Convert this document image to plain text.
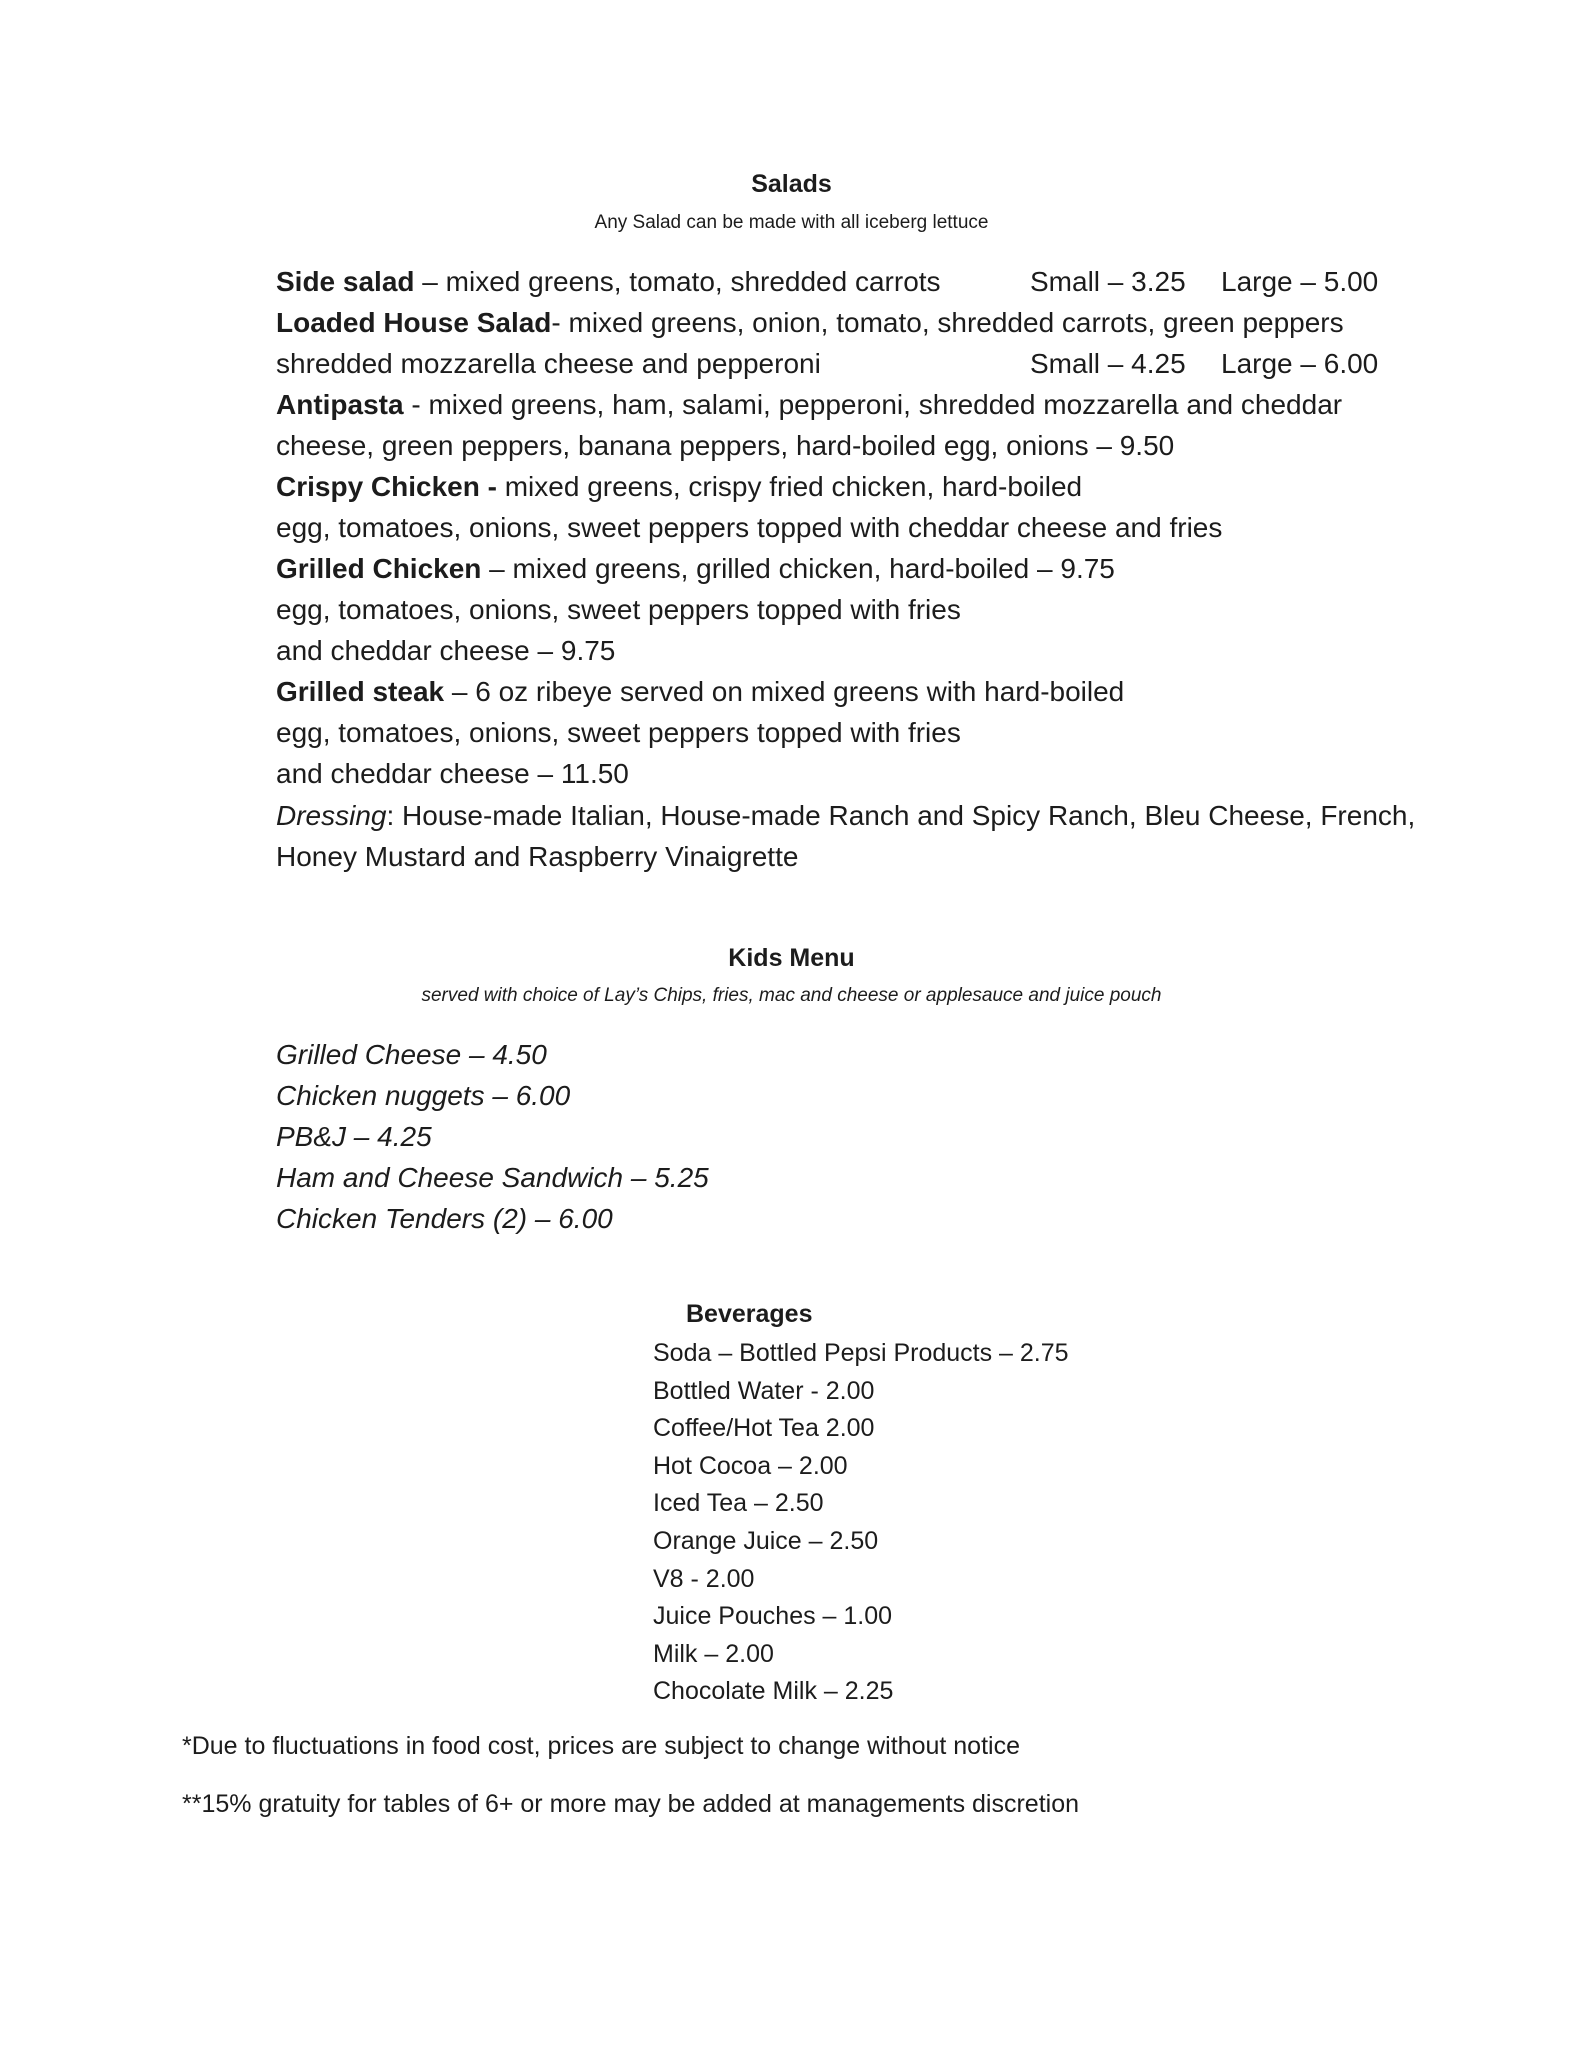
Salads
Any Salad can be made with all iceberg lettuce
Side salad – mixed greens, tomato, shredded carrots	Small – 3.25 Large – 5.00
Loaded House Salad- mixed greens, onion, tomato, shredded carrots, green peppers
shredded mozzarella cheese and pepperoni	Small – 4.25 Large – 6.00
Antipasta - mixed greens, ham, salami, pepperoni, shredded mozzarella and cheddar
cheese, green peppers, banana peppers, hard-boiled egg, onions – 9.50
Crispy Chicken - mixed greens, crispy fried chicken, hard-boiled
egg, tomatoes, onions, sweet peppers topped with cheddar cheese and fries
Grilled Chicken – mixed greens, grilled chicken, hard-boiled – 9.75
egg, tomatoes, onions, sweet peppers topped with fries
and cheddar cheese – 9.75
Grilled steak – 6 oz ribeye served on mixed greens with hard-boiled
egg, tomatoes, onions, sweet peppers topped with fries
and cheddar cheese – 11.50
Dressing: House-made Italian, House-made Ranch and Spicy Ranch, Bleu Cheese, French,
Honey Mustard and Raspberry Vinaigrette
Kids Menu
served with choice of Lay’s Chips, fries, mac and cheese or applesauce and juice pouch
Grilled Cheese – 4.50
Chicken nuggets – 6.00
PB&J – 4.25
Ham and Cheese Sandwich – 5.25
Chicken Tenders (2) – 6.00
Beverages
Soda – Bottled Pepsi Products – 2.75
Bottled Water - 2.00
Coffee/Hot Tea 2.00
Hot Cocoa – 2.00
Iced Tea – 2.50
Orange Juice – 2.50
V8 - 2.00
Juice Pouches – 1.00
Milk – 2.00
Chocolate Milk – 2.25
*Due to fluctuations in food cost, prices are subject to change without notice
**15% gratuity for tables of 6+ or more may be added at managements discretion
